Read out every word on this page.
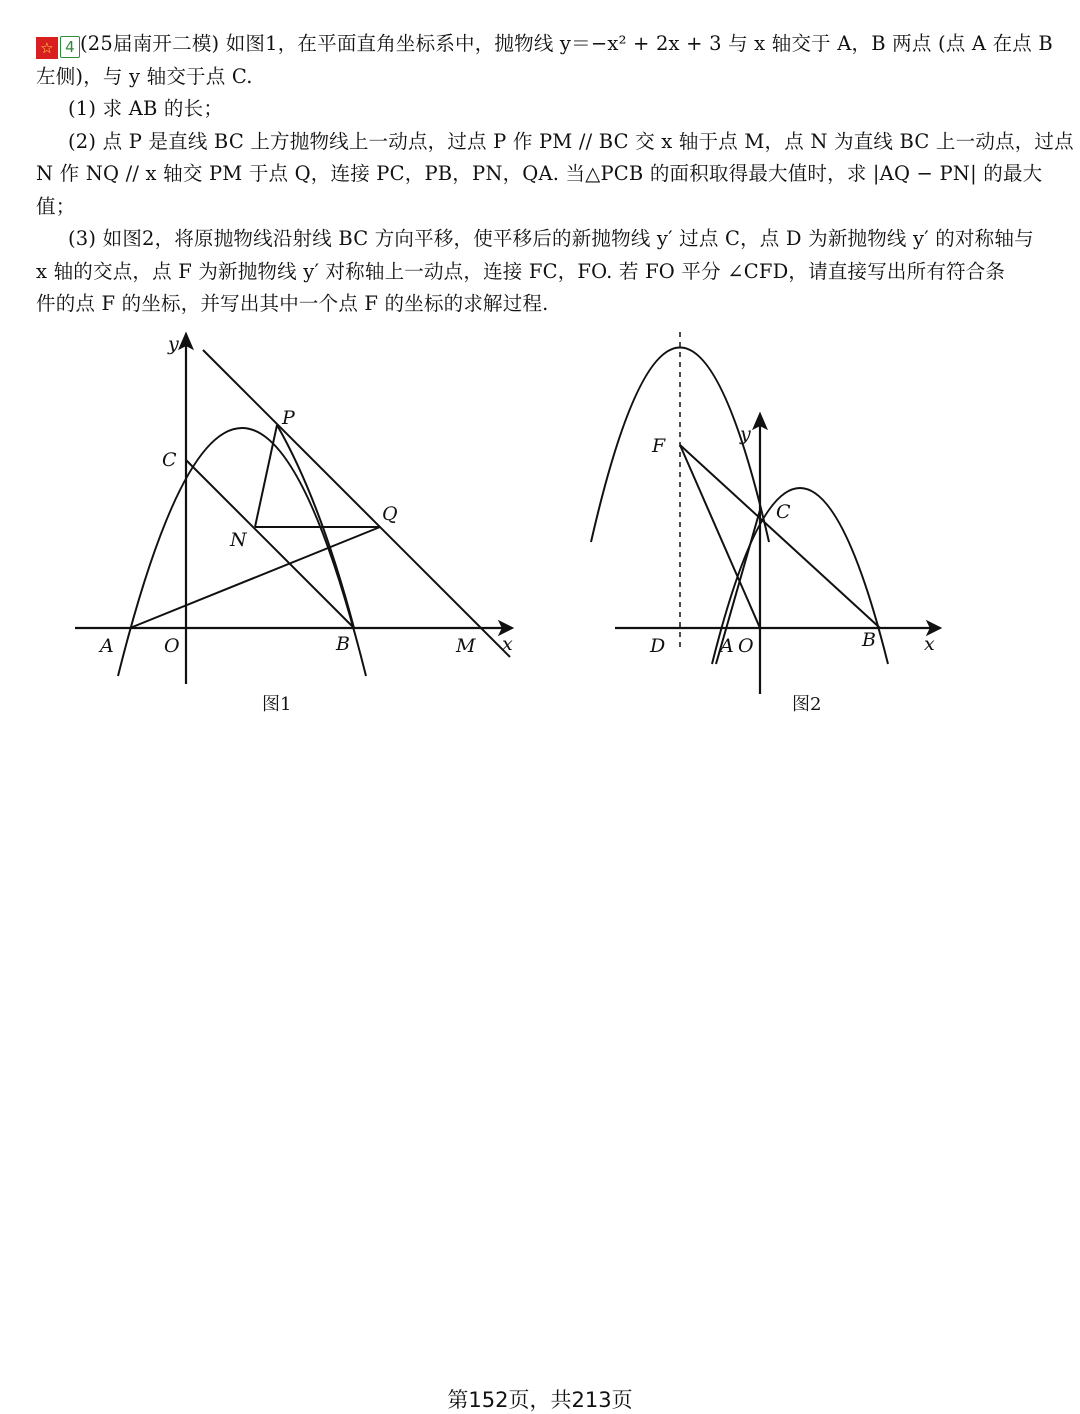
☆ 4 (25届南开二模) 如图1，在平面直角坐标系中，抛物线 y＝−x² + 2x + 3 与 x 轴交于 A，B 两点 (点 A 在点 B
左侧)，与 y 轴交于点 C.
(1) 求 AB 的长；
(2) 点 P 是直线 BC 上方抛物线上一动点，过点 P 作 PM // BC 交 x 轴于点 M，点 N 为直线 BC 上一动点，过点
N 作 NQ // x 轴交 PM 于点 Q，连接 PC，PB，PN，QA. 当△PCB 的面积取得最大值时，求 |AQ − PN| 的最大
值；
(3) 如图2，将原抛物线沿射线 BC 方向平移，使平移后的新抛物线 y′ 过点 C，点 D 为新抛物线 y′ 的对称轴与
x 轴的交点，点 F 为新抛物线 y′ 对称轴上一动点，连接 FC，FO. 若 FO 平分 ∠CFD，请直接写出所有符合条
件的点 F 的坐标，并写出其中一个点 F 的坐标的求解过程.
y
x
C
P
Q
N
A	O	B	M
图1
y
x
F
C
D	A O	B
图2
第152页，共213页
